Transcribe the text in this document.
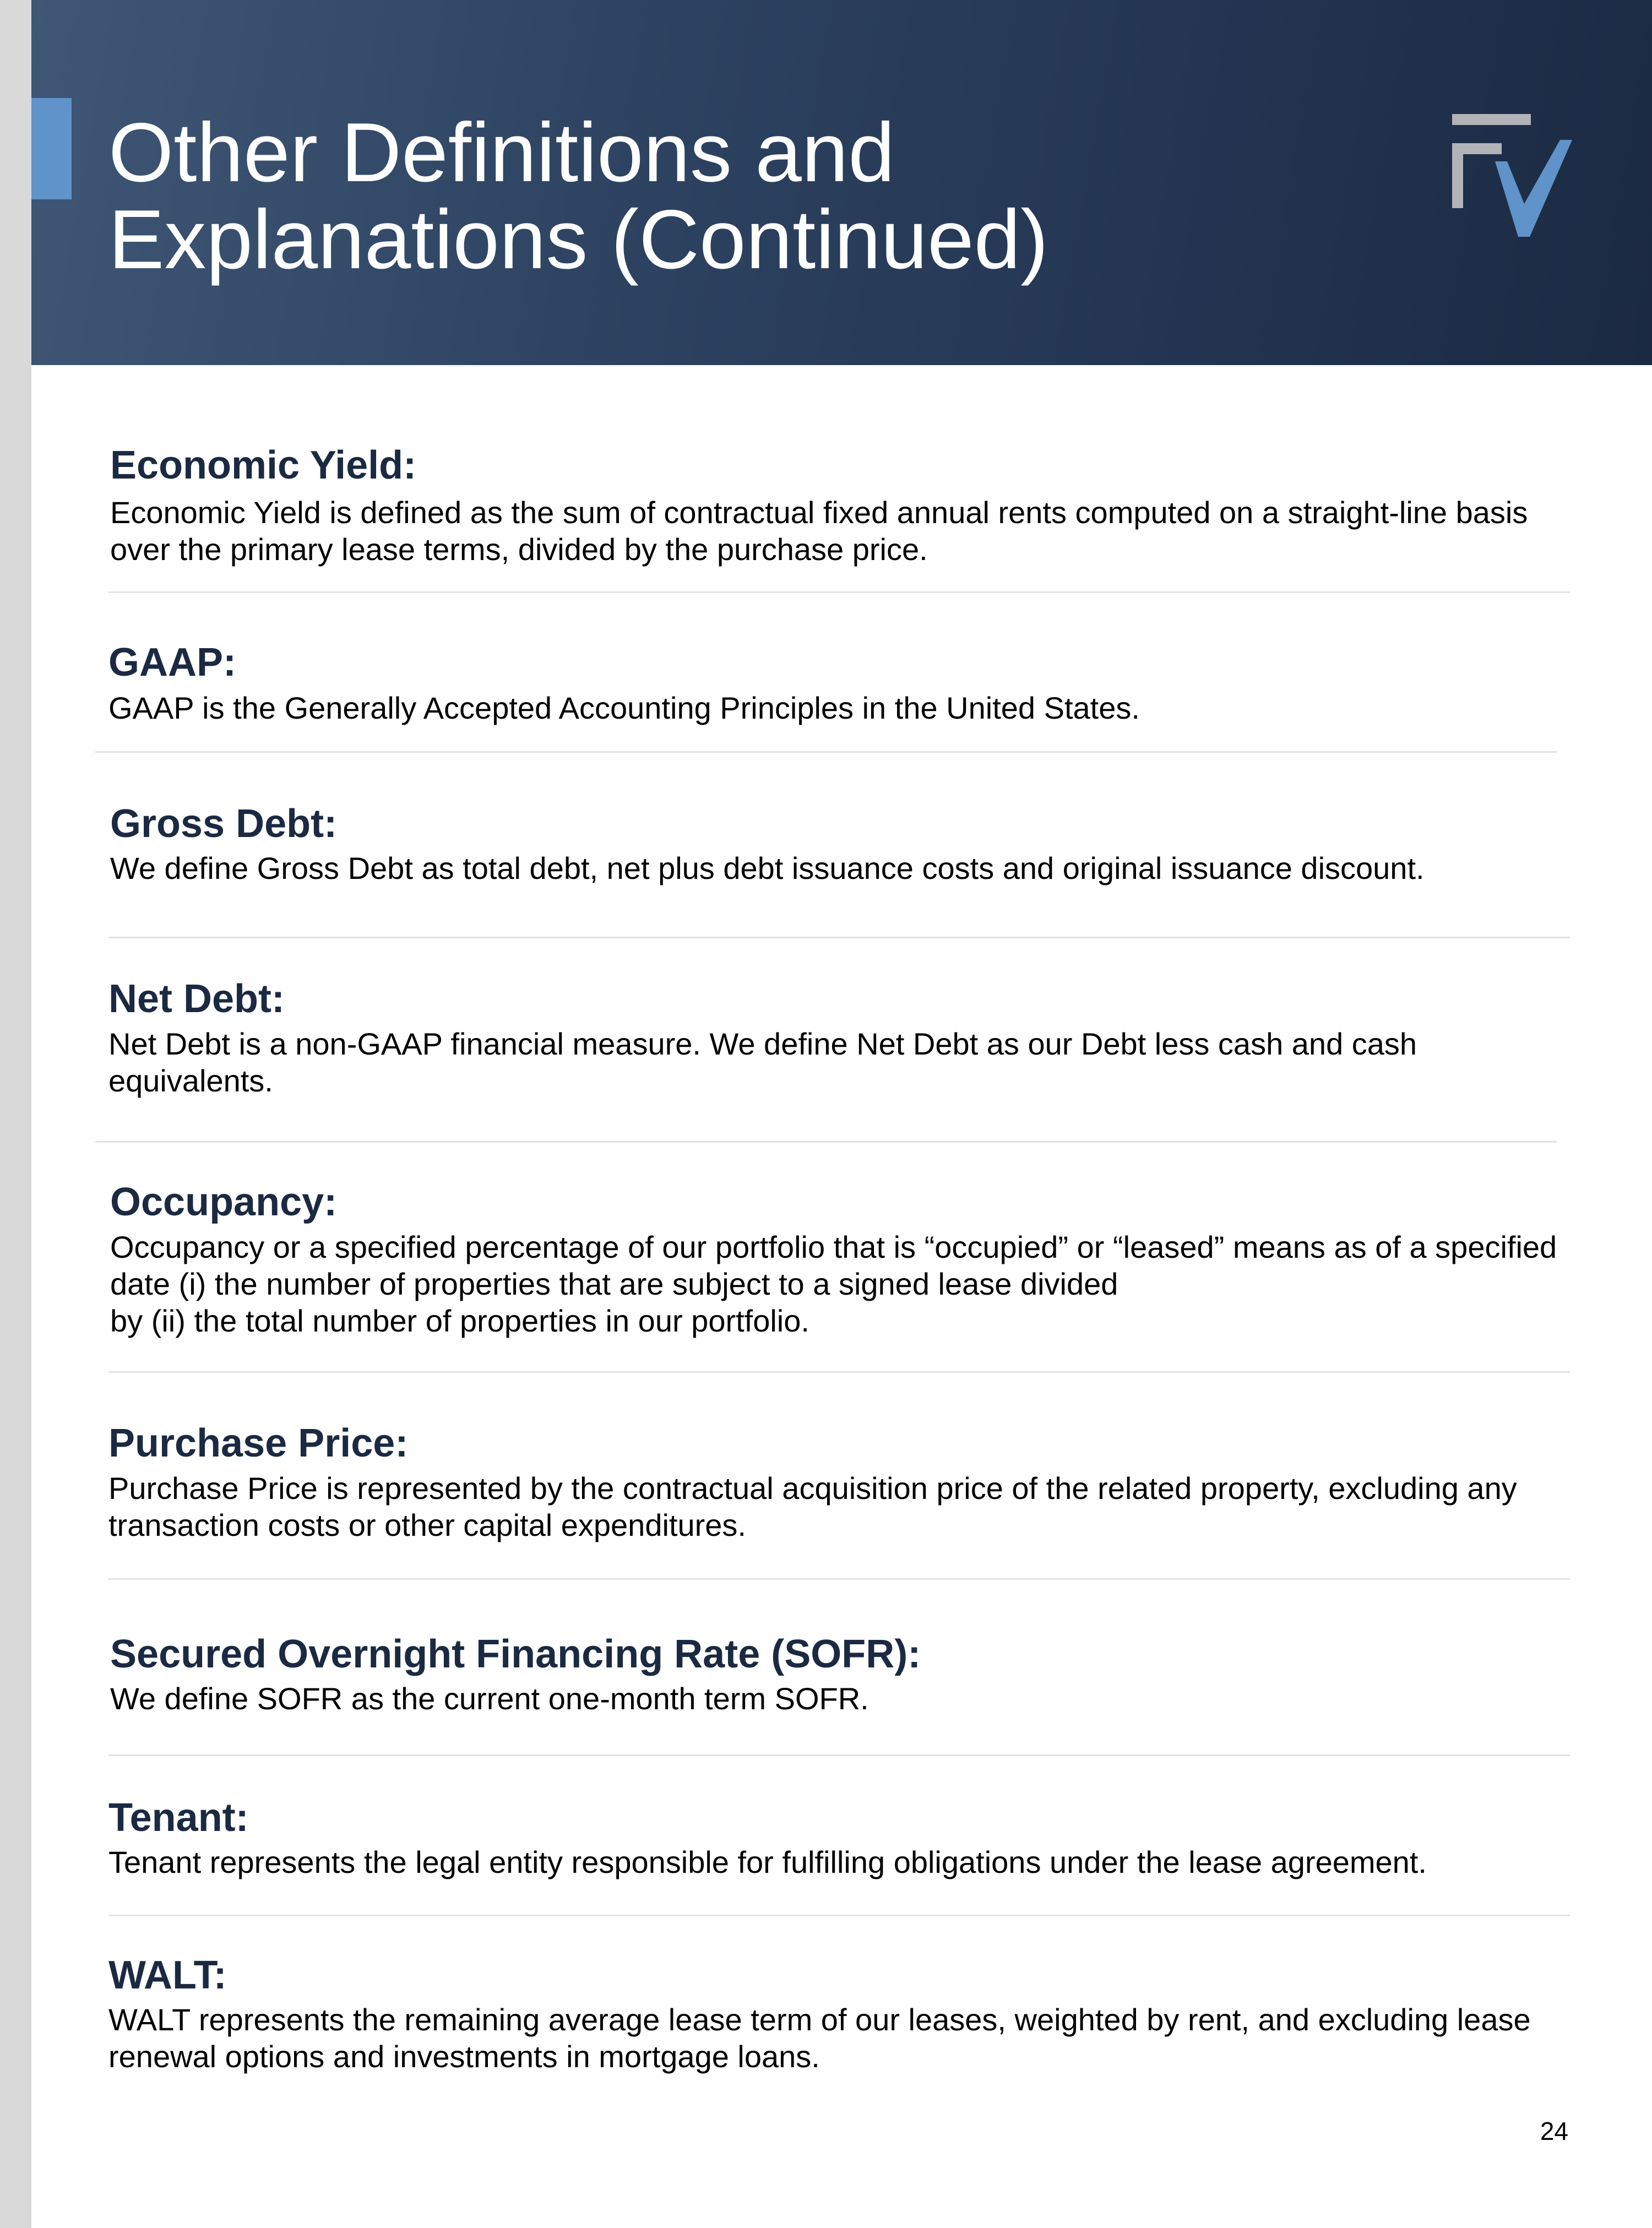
Other Definitions and
Explanations (Continued)
Economic Yield:
Economic Yield is defined as the sum of contractual fixed annual rents computed on a straight-line basis
over the primary lease terms, divided by the purchase price.
GAAP:
GAAP is the Generally Accepted Accounting Principles in the United States.
Gross Debt:
We define Gross Debt as total debt, net plus debt issuance costs and original issuance discount.
Net Debt:
Net Debt is a non-GAAP financial measure. We define Net Debt as our Debt less cash and cash
equivalents.
Occupancy:
Occupancy or a specified percentage of our portfolio that is “occupied” or “leased” means as of a specified
date (i) the number of properties that are subject to a signed lease divided
by (ii) the total number of properties in our portfolio.
Purchase Price:
Purchase Price is represented by the contractual acquisition price of the related property, excluding any
transaction costs or other capital expenditures.
Secured Overnight Financing Rate (SOFR):
We define SOFR as the current one-month term SOFR.
Tenant:
Tenant represents the legal entity responsible for fulfilling obligations under the lease agreement.
WALT:
WALT represents the remaining average lease term of our leases, weighted by rent, and excluding lease
renewal options and investments in mortgage loans.
24
